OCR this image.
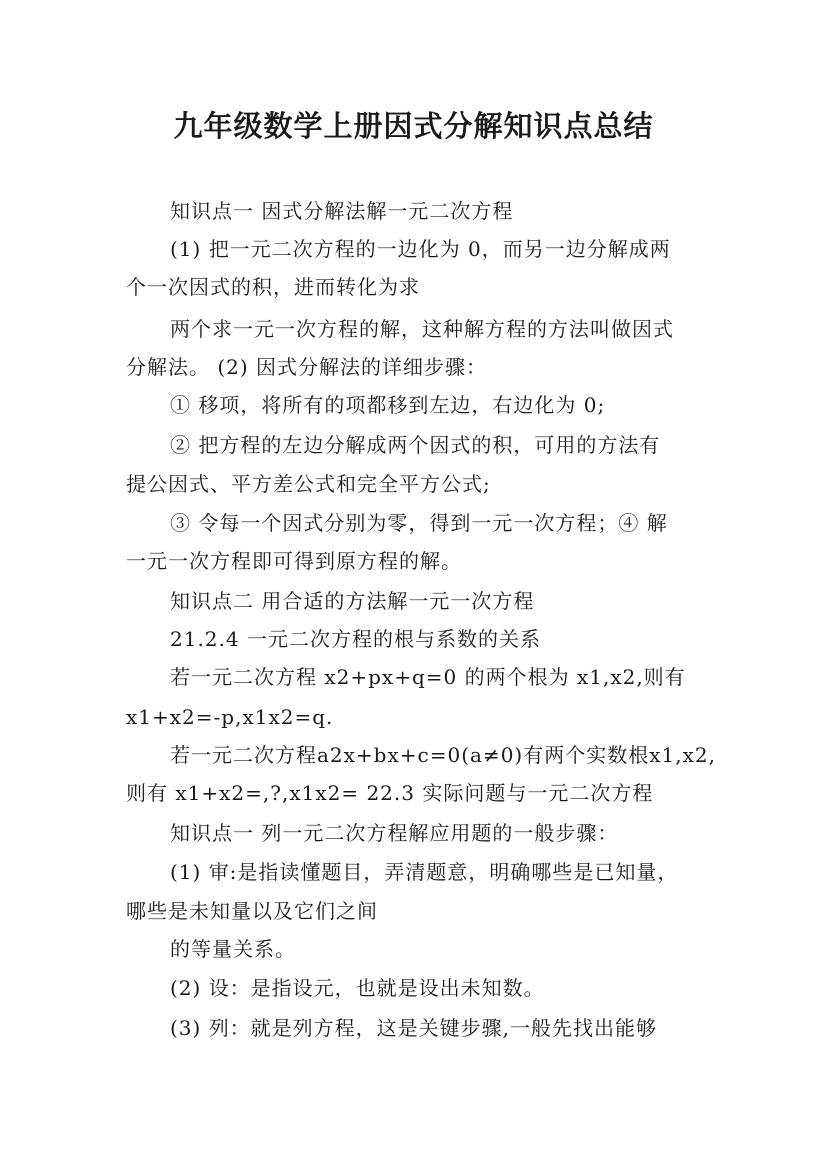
九年级数学上册因式分解知识点总结

知识点一 因式分解法解一元二次方程

(1) 把一元二次方程的一边化为 0，而另一边分解成两

个一次因式的积，进而转化为求

两个求一元一次方程的解，这种解方程的方法叫做因式

分解法。 (2) 因式分解法的详细步骤：

① 移项，将所有的项都移到左边，右边化为 0;

② 把方程的左边分解成两个因式的积，可用的方法有

提公因式、平方差公式和完全平方公式;

③ 令每一个因式分别为零，得到一元一次方程；④ 解

一元一次方程即可得到原方程的解。

知识点二 用合适的方法解一元一次方程

21.2.4 一元二次方程的根与系数的关系

若一元二次方程 x2+px+q=0 的两个根为 x1,x2,则有

x1+x2=-p,x1x2=q.

若一元二次方程a2x+bx+c=0(a≠0)有两个实数根x1,x2,

则有 x1+x2=,?,x1x2= 22.3 实际问题与一元二次方程

知识点一 列一元二次方程解应用题的一般步骤：

(1) 审:是指读懂题目，弄清题意，明确哪些是已知量，

哪些是未知量以及它们之间

的等量关系。

(2) 设：是指设元，也就是设出未知数。

(3) 列：就是列方程，这是关键步骤,一般先找出能够
